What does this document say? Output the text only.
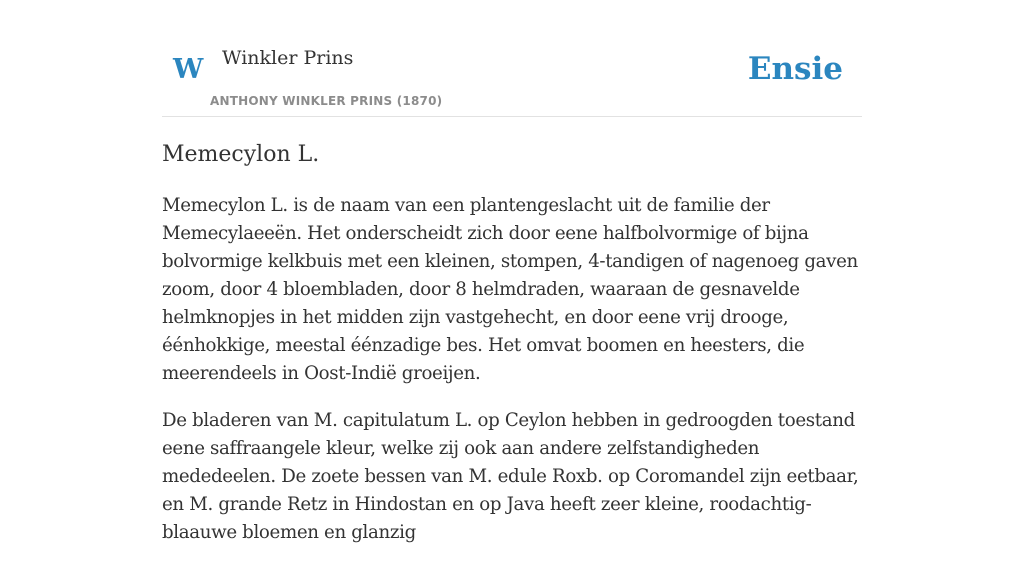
W Winkler Prins
ANTHONY WINKLER PRINS (1870)
Ensie
Memecylon L.

Memecylon L. is de naam van een plantengeslacht uit de familie der Memecylaeeën. Het onderscheidt zich door eene halfbolvormige of bijna bolvormige kelkbuis met een kleinen, stompen, 4-tandigen of nagenoeg gaven zoom, door 4 bloembladen, door 8 helmdraden, waaraan de gesnavelde helmknopjes in het midden zijn vastgehecht, en door eene vrij drooge, éénhokkige, meestal éénzadige bes. Het omvat boomen en heesters, die meerendeels in Oost-Indië groeijen.

De bladeren van M. capitulatum L. op Ceylon hebben in gedroogden toestand eene saffraangele kleur, welke zij ook aan andere zelfstandigheden mededeelen. De zoete bessen van M. edule Roxb. op Coromandel zijn eetbaar, en M. grande Retz in Hindostan en op Java heeft zeer kleine, roodachtig-blaauwe bloemen en glanzig
